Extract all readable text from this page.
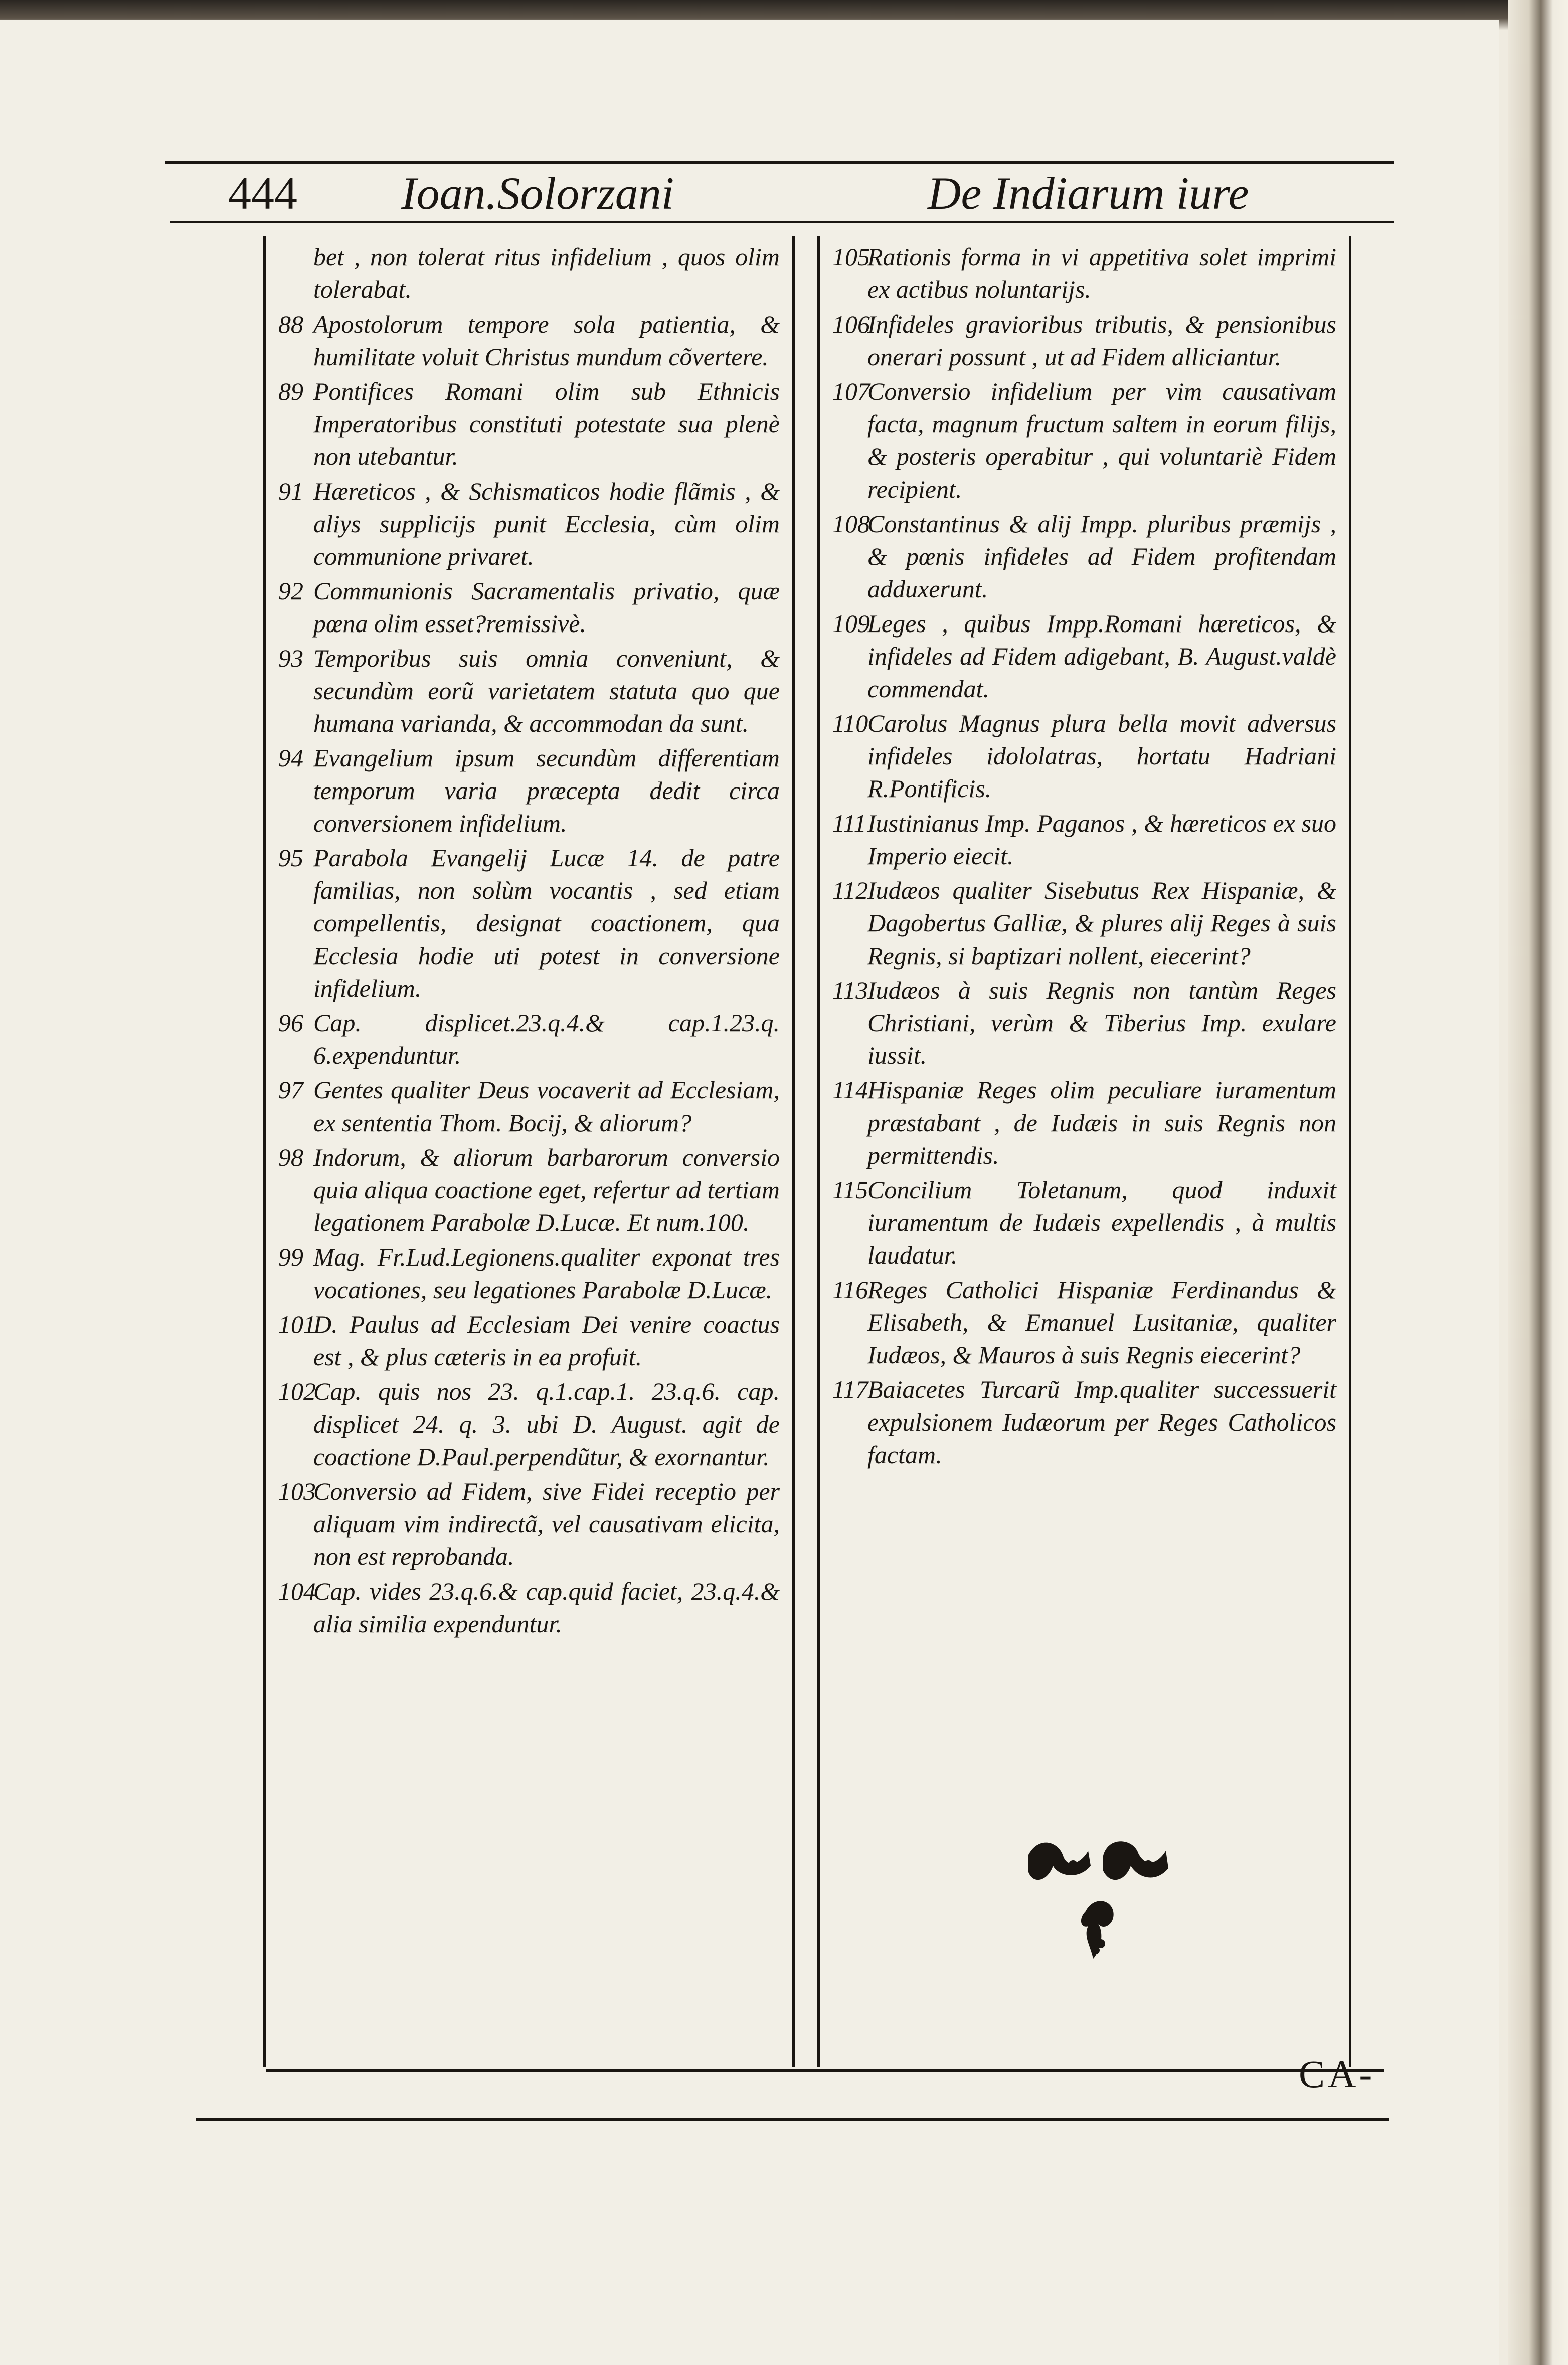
444 Ioan.Solorzani	De Indiarum iure
bet , non tolerat ritus infidelium , quos olim tolerabat.
88 Apostolorum tempore sola patientia, & humilitate voluit Christus mundum cõvertere.
89 Pontifices Romani olim sub Ethnicis Imperatoribus constituti potestate sua plenè non utebantur.
91 Hæreticos , & Schismaticos hodie flãmis , & aliys supplicijs punit Ecclesia, cùm olim communione privaret.
92 Communionis Sacramentalis privatio, quæ pœna olim esset?remissivè.
93 Temporibus suis omnia conveniunt, & secundùm eorũ varietatem statuta quo que humana varianda, & accommodan da sunt.
94 Evangelium ipsum secundùm differentiam temporum varia præcepta dedit circa conversionem infidelium.
95 Parabola Evangelij Lucæ 14. de patre familias, non solùm vocantis , sed etiam compellentis, designat coactionem, qua Ecclesia hodie uti potest in conversione infidelium.
96 Cap. displicet.23.q.4.& cap.1.23.q. 6.expenduntur.
97 Gentes qualiter Deus vocaverit ad Ecclesiam, ex sententia Thom. Bocij, & aliorum?
98 Indorum, & aliorum barbarorum conversio quia aliqua coactione eget, refertur ad tertiam legationem Parabolæ D.Lucæ. Et num.100.
99 Mag. Fr.Lud.Legionens.qualiter exponat tres vocationes, seu legationes Parabolæ D.Lucæ.
101D. Paulus ad Ecclesiam Dei venire coactus est , & plus cæteris in ea profuit.
102Cap. quis nos 23. q.1.cap.1. 23.q.6. cap. displicet 24. q. 3. ubi D. August. agit de coactione D.Paul.perpendũtur, & exornantur.
103Conversio ad Fidem, sive Fidei receptio per aliquam vim indirectã, vel causativam elicita, non est reprobanda.
104Cap. vides 23.q.6.& cap.quid faciet, 23.q.4.& alia similia expenduntur.
105Rationis forma in vi appetitiva solet imprimi ex actibus noluntarijs.
106Infideles gravioribus tributis, & pensionibus onerari possunt , ut ad Fidem alliciantur.
107Conversio infidelium per vim causativam facta, magnum fructum saltem in eorum filijs, & posteris operabitur , qui voluntariè Fidem recipient.
108Constantinus & alij Impp. pluribus præmijs , & pœnis infideles ad Fidem profitendam adduxerunt.
109Leges , quibus Impp.Romani hæreticos, & infideles ad Fidem adigebant, B. August.valdè commendat.
110Carolus Magnus plura bella movit adversus infideles idololatras, hortatu Hadriani R.Pontificis.
111Iustinianus Imp. Paganos , & hæreticos ex suo Imperio eiecit.
112Iudæos qualiter Sisebutus Rex Hispaniæ, & Dagobertus Galliæ, & plures alij Reges à suis Regnis, si baptizari nollent, eiecerint?
113Iudæos à suis Regnis non tantùm Reges Christiani, verùm & Tiberius Imp. exulare iussit.
114Hispaniæ Reges olim peculiare iuramentum præstabant , de Iudæis in suis Regnis non permittendis.
115Concilium Toletanum, quod induxit iuramentum de Iudæis expellendis , à multis laudatur.
116Reges Catholici Hispaniæ Ferdinandus & Elisabeth, & Emanuel Lusitaniæ, qualiter Iudæos, & Mauros à suis Regnis eiecerint?
117Baiacetes Turcarũ Imp.qualiter successuerit expulsionem Iudæorum per Reges Catholicos factam.
CA-
